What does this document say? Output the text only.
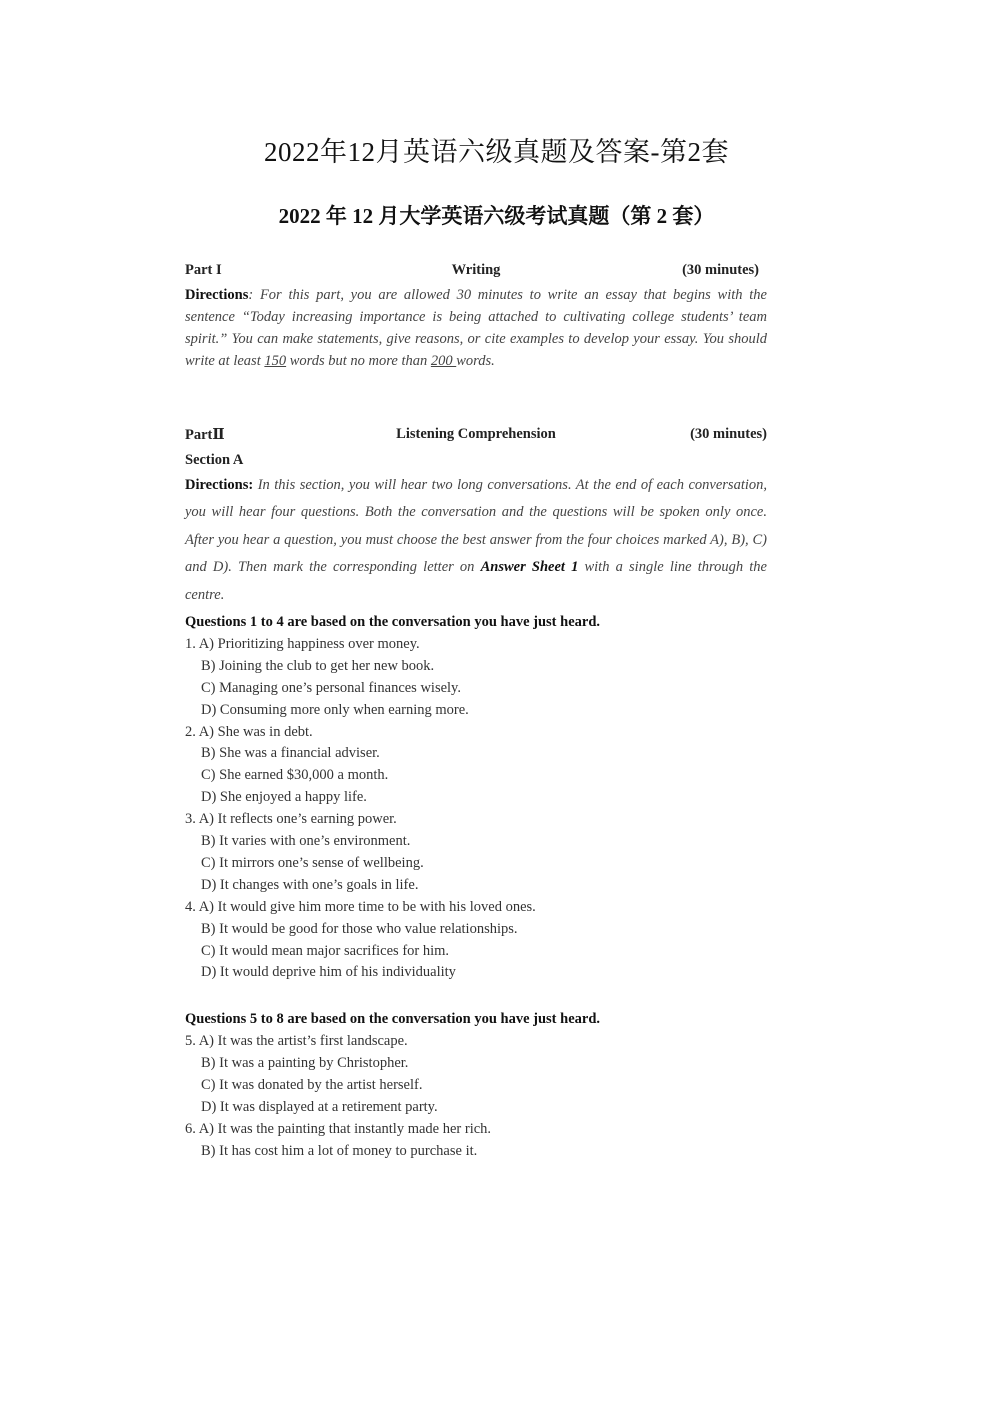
2022年12月英语六级真题及答案-第2套
2022 年 12 月大学英语六级考试真题（第 2 套）
Part I	Writing	(30 minutes)
Directions: For this part, you are allowed 30 minutes to write an essay that begins with the sentence “Today increasing importance is being attached to cultivating college students’ team spirit.” You can make statements, give reasons, or cite examples to develop your essay. You should write at least 150 words but no more than 200 words.
PartⅡ	Listening Comprehension	(30 minutes)
Section A
Directions: In this section, you will hear two long conversations. At the end of each conversation, you will hear four questions. Both the conversation and the questions will be spoken only once. After you hear a question, you must choose the best answer from the four choices marked A), B), C) and D). Then mark the corresponding letter on Answer Sheet 1 with a single line through the centre.
Questions 1 to 4 are based on the conversation you have just heard.
1. A) Prioritizing happiness over money.
B) Joining the club to get her new book.
C) Managing one’s personal finances wisely.
D) Consuming more only when earning more.
2. A) She was in debt.
B) She was a financial adviser.
C) She earned $30,000 a month.
D) She enjoyed a happy life.
3. A) It reflects one’s earning power.
B) It varies with one’s environment.
C) It mirrors one’s sense of wellbeing.
D) It changes with one’s goals in life.
4. A) It would give him more time to be with his loved ones.
B) It would be good for those who value relationships.
C) It would mean major sacrifices for him.
D) It would deprive him of his individuality
Questions 5 to 8 are based on the conversation you have just heard.
5. A) It was the artist’s first landscape.
B) It was a painting by Christopher.
C) It was donated by the artist herself.
D) It was displayed at a retirement party.
6. A) It was the painting that instantly made her rich.
B) It has cost him a lot of money to purchase it.
